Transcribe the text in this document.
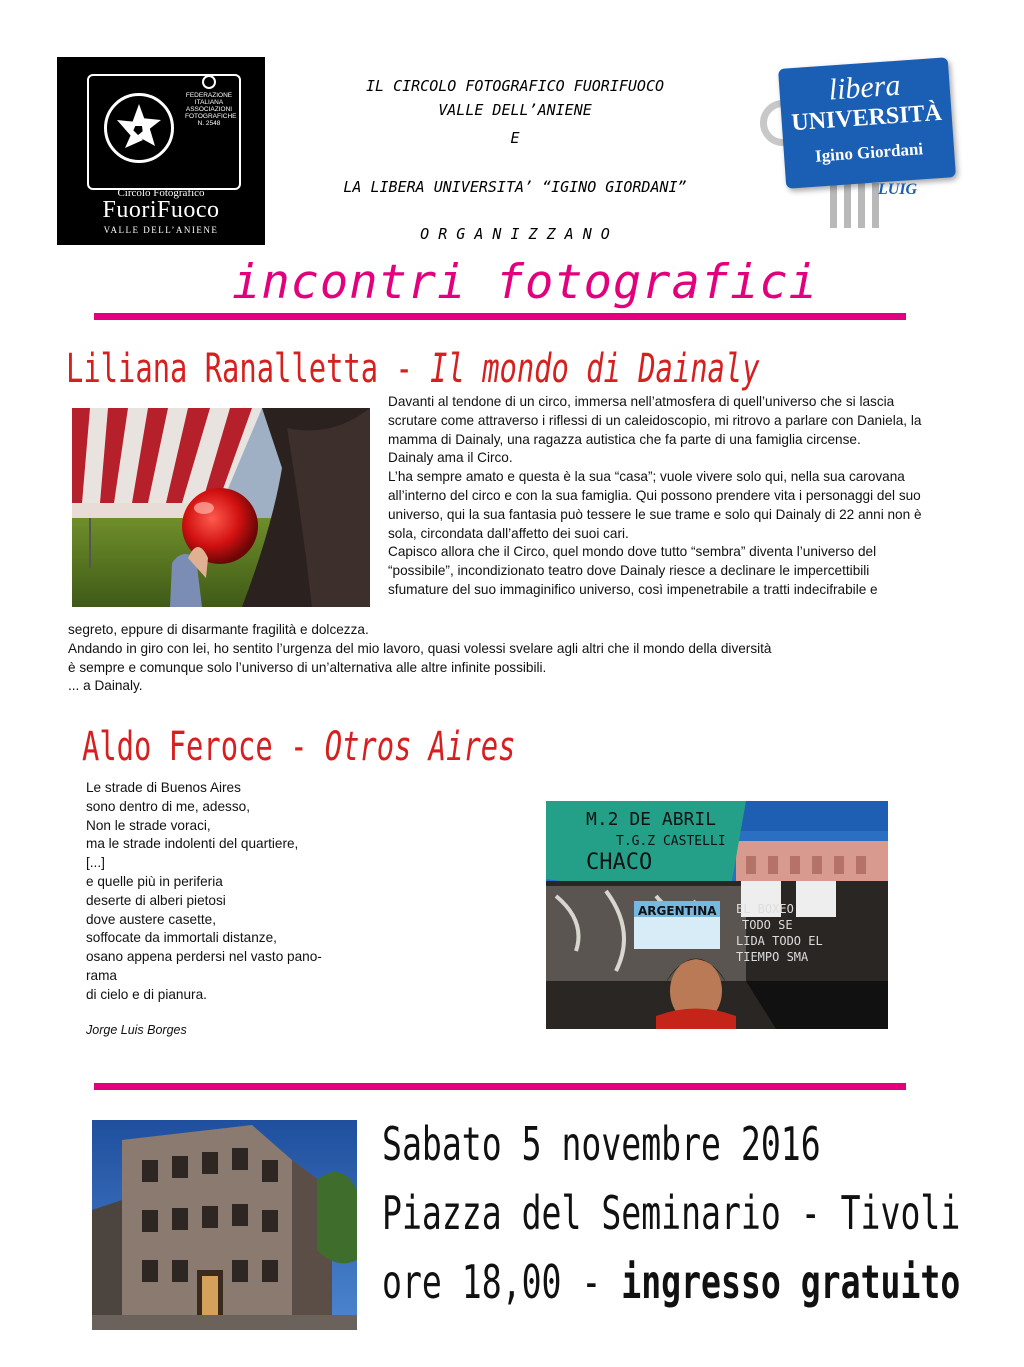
FEDERAZIONE
ITALIANA
ASSOCIAZIONI
FOTOGRAFICHE
N. 2548
Circolo Fotografico
FuoriFuoco
VALLE DELL’ANIENE
IL CIRCOLO FOTOGRAFICO FUORIFUOCO
VALLE DELL’ANIENE
E
LA LIBERA UNIVERSITA’ “IGINO GIORDANI”
O R G A N I Z Z A N O
libera
UNIVERSITÀ
Igino Giordani
LUIG
incontri fotografici
Liliana Ranalletta - Il mondo di Dainaly

Davanti al tendone di un circo, immersa nell’atmosfera di quell’universo che si lascia scrutare come attraverso i riflessi di un caleidoscopio, mi ritrovo a parlare con Daniela, la mamma di Dainaly, una ragazza autistica che fa parte di una famiglia circense.

Dainaly ama il Circo.

L’ha sempre amato e questa è la sua “casa”; vuole vivere solo qui, nella sua carovana all’interno del circo e con la sua famiglia. Qui possono prendere vita i personaggi del suo universo, qui la sua fantasia può tessere le sue trame e solo qui Dainaly di 22 anni non è sola, circondata dall’affetto dei suoi cari.

Capisco allora che il Circo, quel mondo dove tutto “sembra” diventa l’universo del “possibile”, incondizionato teatro dove Dainaly riesce a declinare le impercettibili sfumature del suo immaginifico universo, così impenetrabile a tratti indecifrabile e

segreto, eppure di disarmante fragilità e dolcezza.

Andando in giro con lei, ho sentito l’urgenza del mio lavoro, quasi volessi svelare agli altri che il mondo della diversità è sempre e comunque solo l’universo di un’alternativa alle altre infinite possibili.

... a Dainaly.

Aldo Feroce - Otros Aires
Le strade di Buenos Aires
sono dentro di me, adesso,
Non le strade voraci,
ma le strade indolenti del quartiere,
[...]
e quelle più in periferia
deserte di alberi pietosi
dove austere casette,
soffocate da immortali distanze,
osano appena perdersi nel vasto pano-
rama
di cielo e di pianura.
Jorge Luis Borges
M.2 DE ABRIL
T.G.Z CASTELLI
CHACO
ARGENTINA EL BOXEO
TODO SE
LIDA TODO EL
TIEMPO SMA
Sabato 5 novembre 2016
Piazza del Seminario - Tivoli
ore 18,00 - ingresso gratuito
